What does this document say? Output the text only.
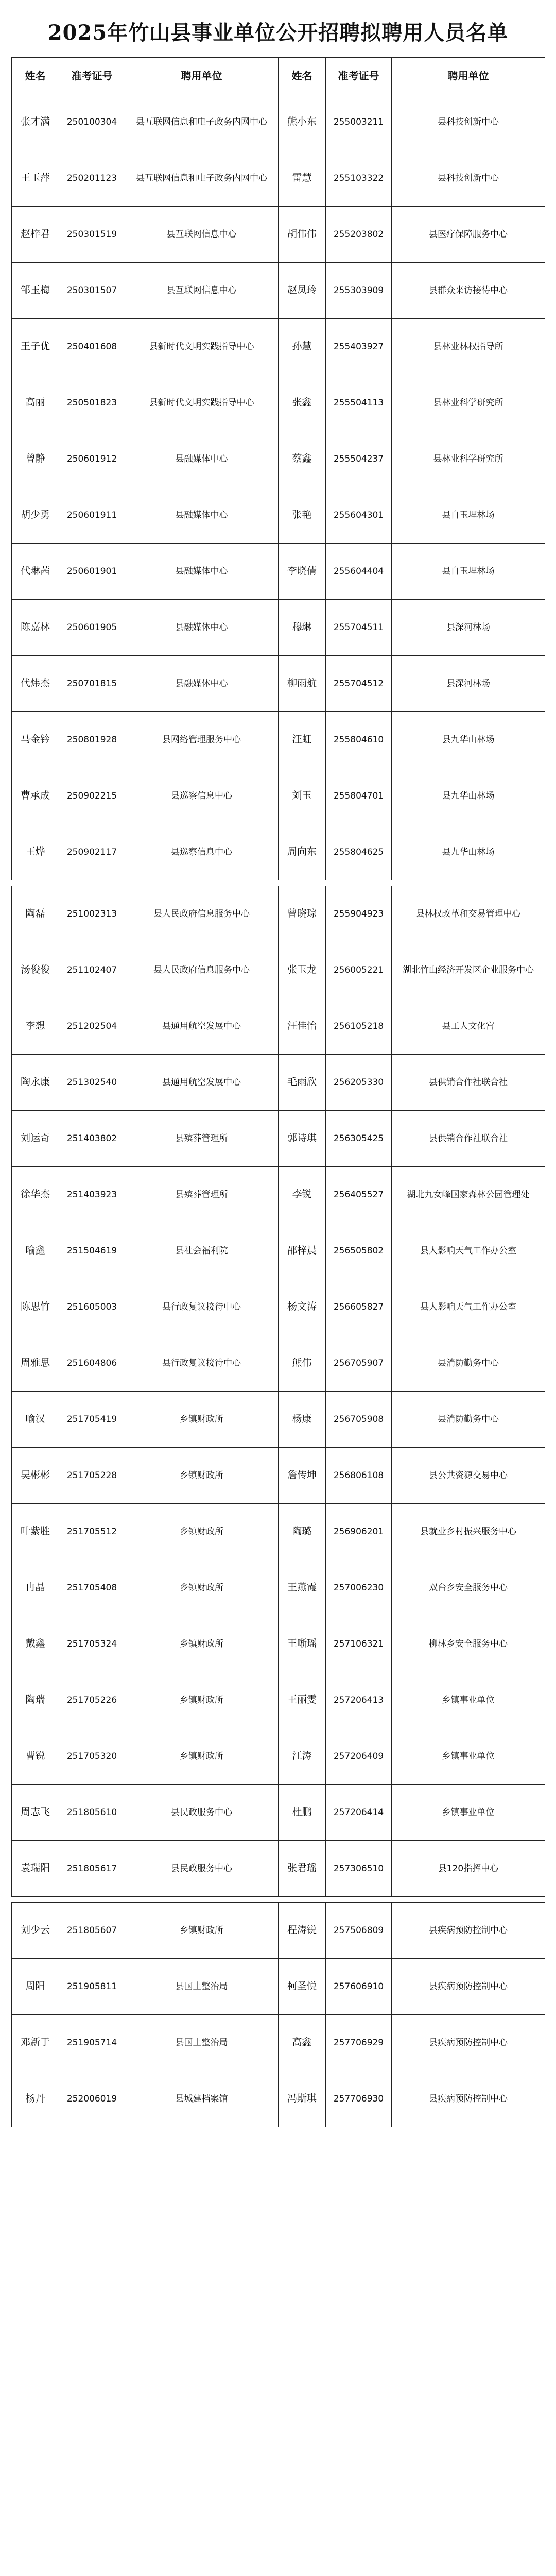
2025年竹山县事业单位公开招聘拟聘用人员名单
姓名	准考证号	聘用单位	姓名	准考证号	聘用单位
张才满	250100304	县互联网信息和电子政务内网中心	熊小东	255003211	县科技创新中心
王玉萍	250201123	县互联网信息和电子政务内网中心	雷慧	255103322	县科技创新中心
赵梓君	250301519	县互联网信息中心	胡伟伟	255203802	县医疗保障服务中心
邹玉梅	250301507	县互联网信息中心	赵凤玲	255303909	县群众来访接待中心
王子优	250401608	县新时代文明实践指导中心	孙慧	255403927	县林业林权指导所
高丽	250501823	县新时代文明实践指导中心	张鑫	255504113	县林业科学研究所
曾静	250601912	县融媒体中心	蔡鑫	255504237	县林业科学研究所
胡少勇	250601911	县融媒体中心	张艳	255604301	县自玉埋林场
代琳茜	250601901	县融媒体中心	李晓倩	255604404	县自玉埋林场
陈嘉林	250601905	县融媒体中心	穆琳	255704511	县深河林场
代炜杰	250701815	县融媒体中心	柳雨航	255704512	县深河林场
马金钤	250801928	县网络管理服务中心	汪虹	255804610	县九华山林场
曹承成	250902215	县巡察信息中心	刘玉	255804701	县九华山林场
王烨	250902117	县巡察信息中心	周向东	255804625	县九华山林场

陶磊	251002313	县人民政府信息服务中心	曾晓琮	255904923	县林权改革和交易管理中心
汤俊俊	251102407	县人民政府信息服务中心	张玉龙	256005221	湖北竹山经济开发区企业服务中心
李想	251202504	县通用航空发展中心	汪佳怡	256105218	县工人文化宫
陶永康	251302540	县通用航空发展中心	毛雨欣	256205330	县供销合作社联合社
刘运奇	251403802	县殡葬管理所	郭诗琪	256305425	县供销合作社联合社
徐华杰	251403923	县殡葬管理所	李锐	256405527	湖北九女峰国家森林公园管理处
喻鑫	251504619	县社会福利院	邵梓晨	256505802	县人影响天气工作办公室
陈思竹	251605003	县行政复议接待中心	杨文涛	256605827	县人影响天气工作办公室
周雅思	251604806	县行政复议接待中心	熊伟	256705907	县消防勤务中心
喻汉	251705419	乡镇财政所	杨康	256705908	县消防勤务中心
吴彬彬	251705228	乡镇财政所	詹传坤	256806108	县公共资源交易中心
叶紫胜	251705512	乡镇财政所	陶璐	256906201	县就业乡村振兴服务中心
冉晶	251705408	乡镇财政所	王燕霞	257006230	双台乡安全服务中心
戴鑫	251705324	乡镇财政所	王晰瑶	257106321	柳林乡安全服务中心
陶瑞	251705226	乡镇财政所	王丽雯	257206413	乡镇事业单位
曹锐	251705320	乡镇财政所	江涛	257206409	乡镇事业单位
周志飞	251805610	县民政服务中心	杜鹏	257206414	乡镇事业单位
袁瑞阳	251805617	县民政服务中心	张君瑶	257306510	县120指挥中心

刘少云	251805607	乡镇财政所	程涛锐	257506809	县疾病预防控制中心
周阳	251905811	县国土整治局	柯圣悦	257606910	县疾病预防控制中心
邓新于	251905714	县国土整治局	高鑫	257706929	县疾病预防控制中心
杨丹	252006019	县城建档案馆	冯斯琪	257706930	县疾病预防控制中心
